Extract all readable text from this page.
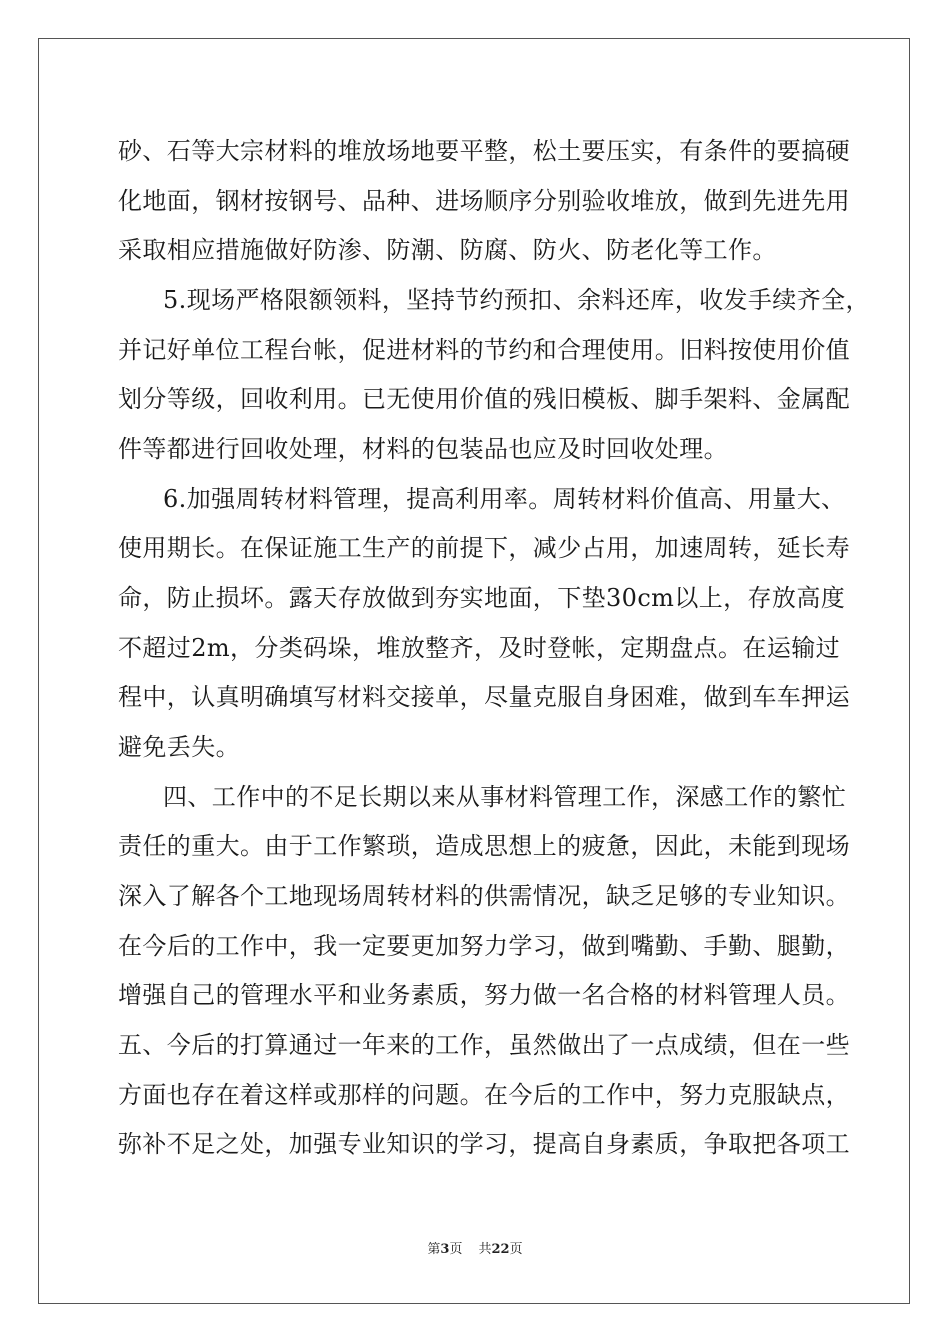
砂、石等大宗材料的堆放场地要平整，松土要压实，有条件的要搞硬
化地面，钢材按钢号、品种、进场顺序分别验收堆放，做到先进先用
采取相应措施做好防渗、防潮、防腐、防火、防老化等工作。
5.现场严格限额领料，坚持节约预扣、余料还库，收发手续齐全，
并记好单位工程台帐，促进材料的节约和合理使用。旧料按使用价值
划分等级，回收利用。已无使用价值的残旧模板、脚手架料、金属配
件等都进行回收处理，材料的包装品也应及时回收处理。
6.加强周转材料管理，提高利用率。周转材料价值高、用量大、
使用期长。在保证施工生产的前提下，减少占用，加速周转，延长寿
命，防止损坏。露天存放做到夯实地面，下垫30cm以上，存放高度
不超过2m，分类码垛，堆放整齐，及时登帐，定期盘点。在运输过
程中，认真明确填写材料交接单，尽量克服自身困难，做到车车押运
避免丢失。
四、工作中的不足长期以来从事材料管理工作，深感工作的繁忙
责任的重大。由于工作繁琐，造成思想上的疲惫，因此，未能到现场
深入了解各个工地现场周转材料的供需情况，缺乏足够的专业知识。
在今后的工作中，我一定要更加努力学习，做到嘴勤、手勤、腿勤，
增强自己的管理水平和业务素质，努力做一名合格的材料管理人员。
五、今后的打算通过一年来的工作，虽然做出了一点成绩，但在一些
方面也存在着这样或那样的问题。在今后的工作中，努力克服缺点，
弥补不足之处，加强专业知识的学习，提高自身素质，争取把各项工
第3页 共22页
